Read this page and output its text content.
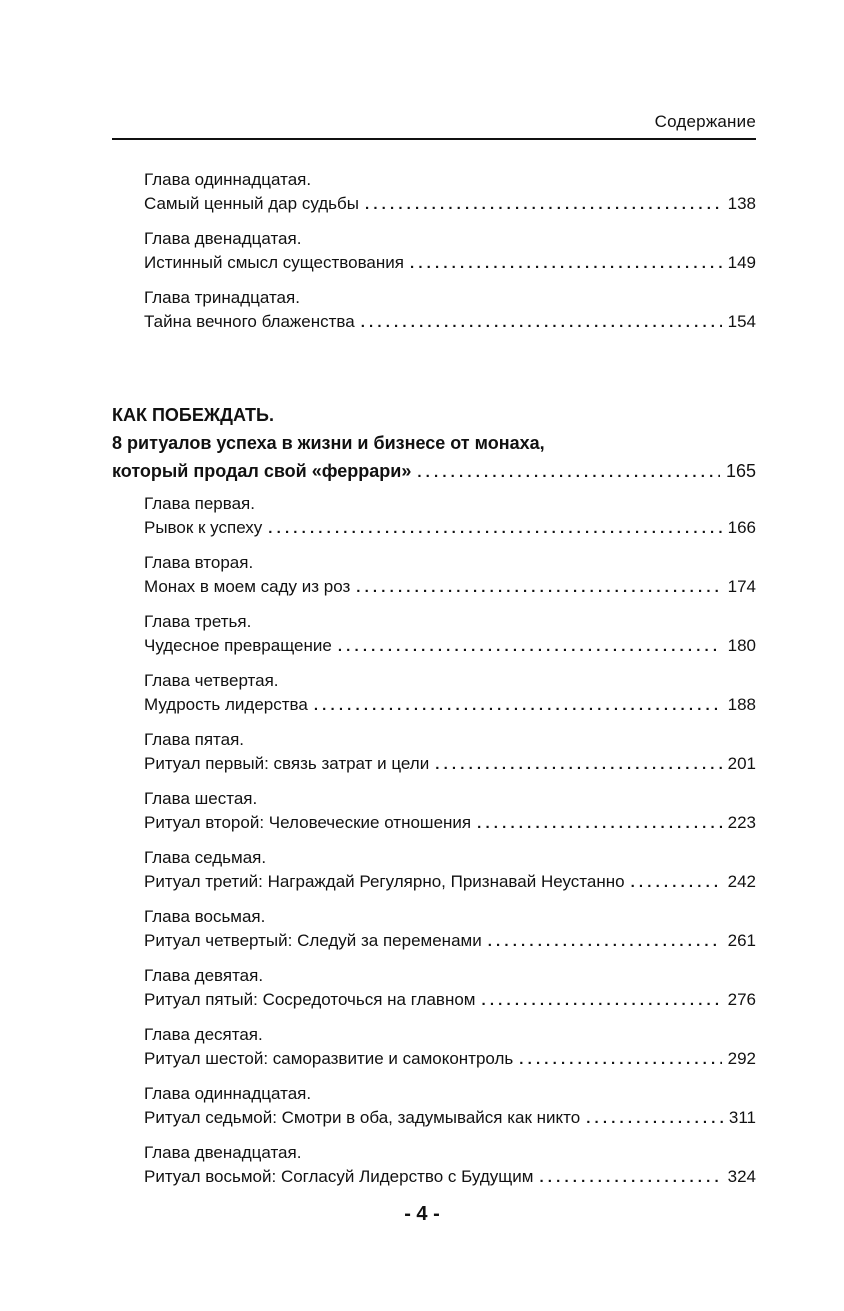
Содержание
Глава одиннадцатая.
Самый ценный дар судьбы . . .	138
Глава двенадцатая.
Истинный смысл существования . . .	149
Глава тринадцатая.
Тайна вечного блаженства . . .	154
КАК ПОБЕЖДАТЬ.
8 ритуалов успеха в жизни и бизнесе от монаха,
который продал свой «феррари» . . .	165
Глава первая.
Рывок к успеху . . .	166
Глава вторая.
Монах в моем саду из роз . . .	174
Глава третья.
Чудесное превращение . . .	180
Глава четвертая.
Мудрость лидерства . . .	188
Глава пятая.
Ритуал первый: связь затрат и цели . . .	201
Глава шестая.
Ритуал второй: Человеческие отношения . . .	223
Глава седьмая.
Ритуал третий: Награждай Регулярно, Признавай Неустанно . . .	242
Глава восьмая.
Ритуал четвертый: Следуй за переменами . . .	261
Глава девятая.
Ритуал пятый: Сосредоточься на главном . . .	276
Глава десятая.
Ритуал шестой: саморазвитие и самоконтроль . . .	292
Глава одиннадцатая.
Ритуал седьмой: Смотри в оба, задумывайся как никто . . .	311
Глава двенадцатая.
Ритуал восьмой: Согласуй Лидерство с Будущим . . .	324
- 4 -
